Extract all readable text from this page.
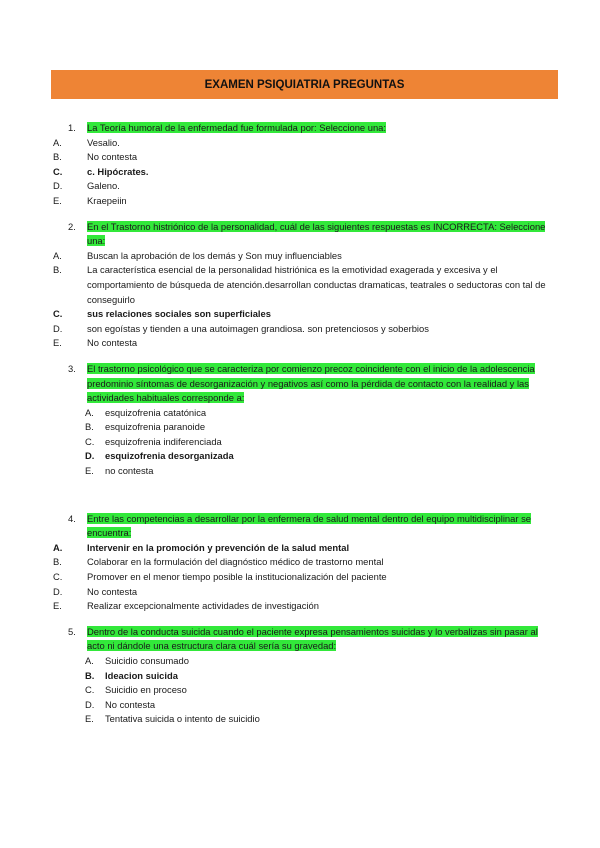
EXAMEN PSIQUIATRIA PREGUNTAS
1. La Teoría humoral de la enfermedad fue formulada por: Seleccione una:
A.	Vesalio.
B.	No contesta
C.	c. Hipócrates.
D.	Galeno.
E.	Kraepeiin
2. En el Trastorno histriónico de la personalidad, cuál de las siguientes respuestas es INCORRECTA: Seleccione una:
A.	Buscan la aprobación de los demás y Son muy influenciables
B.	La característica esencial de la personalidad histriónica es la emotividad exagerada y excesiva y el comportamiento de búsqueda de atención.desarrollan conductas dramaticas, teatrales o seductoras con tal de conseguirlo
C.	sus relaciones sociales son superficiales
D.	son egoístas y tienden a una autoimagen grandiosa. son pretenciosos y soberbios
E.	No contesta
3. El trastorno psicológico que se caracteriza por comienzo precoz coincidente con el inicio de la adolescencia predominio síntomas de desorganización y negativos así como la pérdida de contacto con la realidad y las actividades habituales corresponde a:
A. esquizofrenia catatónica
B. esquizofrenia paranoide
C. esquizofrenia indiferenciada
D. esquizofrenia desorganizada
E. no contesta
4. Entre las competencias a desarrollar por la enfermera de salud mental dentro del equipo multidisciplinar se encuentra:
A.	Intervenir en la promoción y prevención de la salud mental
B.	Colaborar en la formulación del diagnóstico médico de trastorno mental
C.	Promover en el menor tiempo posible la institucionalización del paciente
D.	No contesta
E.	Realizar excepcionalmente actividades de investigación
5. Dentro de la conducta suicida cuando el paciente expresa pensamientos suicidas y lo verbalizas sin pasar al acto ni dándole una estructura clara cuál sería su gravedad:
A. Suicidio consumado
B. Ideacion suicida
C. Suicidio en proceso
D. No contesta
E. Tentativa suicida o intento de suicidio
